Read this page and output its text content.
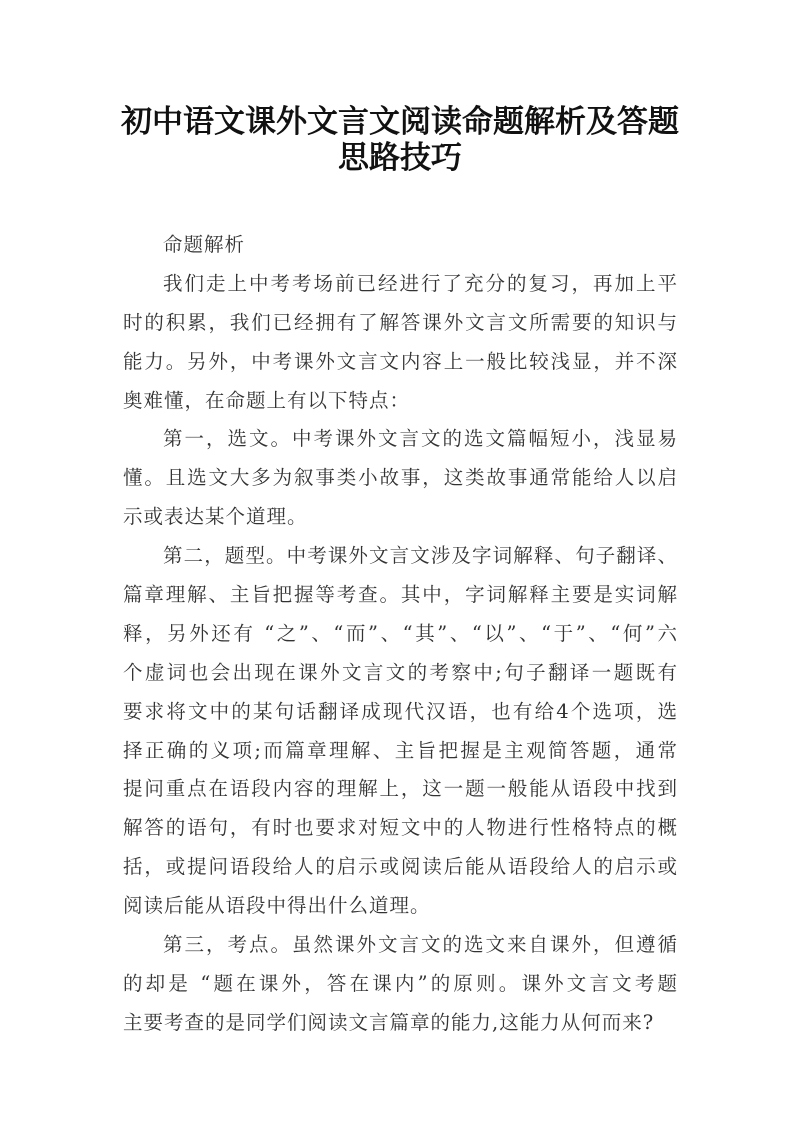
初中语文课外文言文阅读命题解析及答题
思路技巧
命题解析
我们走上中考考场前已经进行了充分的复习，再加上平
时的积累，我们已经拥有了解答课外文言文所需要的知识与
能力。另外，中考课外文言文内容上一般比较浅显，并不深
奥难懂，在命题上有以下特点：
第一，选文。中考课外文言文的选文篇幅短小，浅显易
懂。且选文大多为叙事类小故事，这类故事通常能给人以启
示或表达某个道理。
第二，题型。中考课外文言文涉及字词解释、句子翻译、
篇章理解、主旨把握等考查。其中，字词解释主要是实词解
释，另外还有 “之”、“而”、“其”、“以”、“于”、“何”六
个虚词也会出现在课外文言文的考察中;句子翻译一题既有
要求将文中的某句话翻译成现代汉语，也有给4个选项，选
择正确的义项;而篇章理解、主旨把握是主观简答题，通常
提问重点在语段内容的理解上，这一题一般能从语段中找到
解答的语句，有时也要求对短文中的人物进行性格特点的概
括，或提问语段给人的启示或阅读后能从语段给人的启示或
阅读后能从语段中得出什么道理。
第三，考点。虽然课外文言文的选文来自课外，但遵循
的却是 “题在课外，答在课内”的原则。课外文言文考题
主要考查的是同学们阅读文言篇章的能力,这能力从何而来?
